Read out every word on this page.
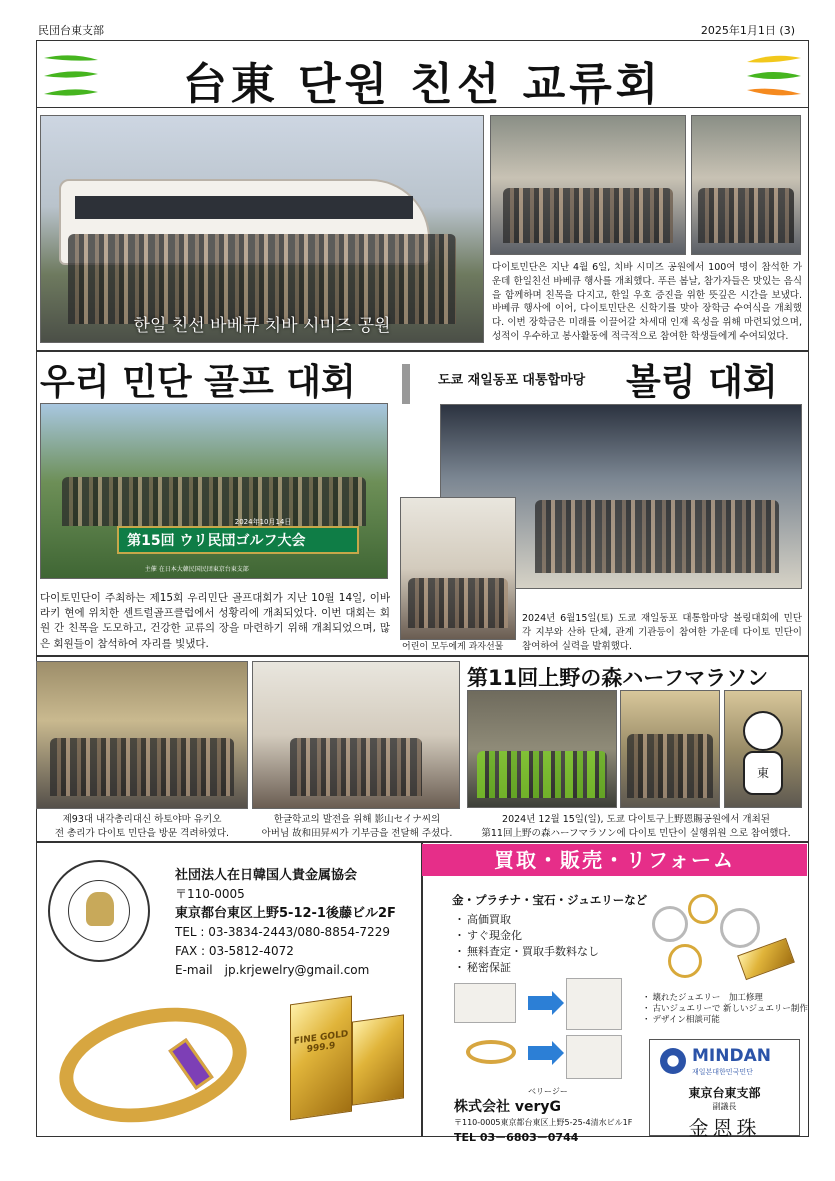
民団台東支部	2025年1月1日 (3)
台東 단원 친선 교류회
한일 친선 바베큐 치바 시미즈 공원
다이토민단은 지난 4월 6일, 치바 시미즈 공원에서 100여 명이 참석한 가운데 한일친선 바베큐 행사를 개최했다. 푸른 봄날, 참가자들은 맛있는 음식을 함께하며 친목을 다지고, 한일 우호 증진을 위한 뜻깊은 시간을 보냈다.바베큐 행사에 이어, 다이토민단은 신학기를 맞아 장학금 수여식을 개최했다. 이번 장학금은 미래를 이끌어갈 차세대 인재 육성을 위해 마련되었으며, 성적이 우수하고 봉사활동에 적극적으로 참여한 학생들에게 수여되었다.
우리 민단 골프 대회
第15回 ウリ民団ゴルフ大会
2024年10月14日
主催 在日本大韓民国民団東京台東支部
다이토민단이 주최하는 제15회 우리민단 골프대회가 지난 10월 14일, 이바라키 현에 위치한 센트럴골프클럽에서 성황리에 개최되었다. 이번 대회는 회원 간 친목을 도모하고, 건강한 교류의 장을 마련하기 위해 개최되었으며, 많은 회원들이 참석하여 자리를 빛냈다.
도쿄 재일동포 대통합마당 볼링 대회
어린이 모두에게 과자선물
2024년 6월15일(토) 도쿄 재일동포 대통합마당 볼링대회에 민단 각 지부와 산하 단체, 관계 기관등이 참여한 가운데 다이토 민단이 참여하여 실력을 발휘했다.
제93대 내각총리대신 하토야마 유키오
전 총리가 다이토 민단을 방문 격려하였다.
한글학교의 발전을 위해 影山セイナ씨의
아버님 故和田昇씨가 기부금을 전달해 주셨다.
第11回上野の森ハーフマラソン
東
2024년 12월 15일(일), 도쿄 다이토구上野恩賜공원에서 개최된
第11回上野の森ハーフマラソン에 다이토 민단이 실행위원 으로 참여했다.
社団法人在日韓国人貴金属協会
〒110-0005
東京都台東区上野5-12-1後藤ビル2F
TEL : 03-3834-2443/080-8854-7229
FAX : 03-5812-4072
E-mail　jp.krjewelry@gmail.com
FINE GOLD 999.9
買取・販売・リフォーム
金・プラチナ・宝石・ジュエリーなど
・ 高価買取
・ すぐ現金化
・ 無料査定・買取手数料なし
・ 秘密保証
・ 壊れたジュエリー　加工修理
・ 古いジュエリーで 新しいジュエリー制作
・ デザイン相談可能
ベリージー
株式会社 veryG
〒110-0005東京都台東区上野5-25-4清水ビル1F
TEL 03－6803－0744
MINDAN
재일본대한민국민단
東京台東支部
副議長
金恩珠
